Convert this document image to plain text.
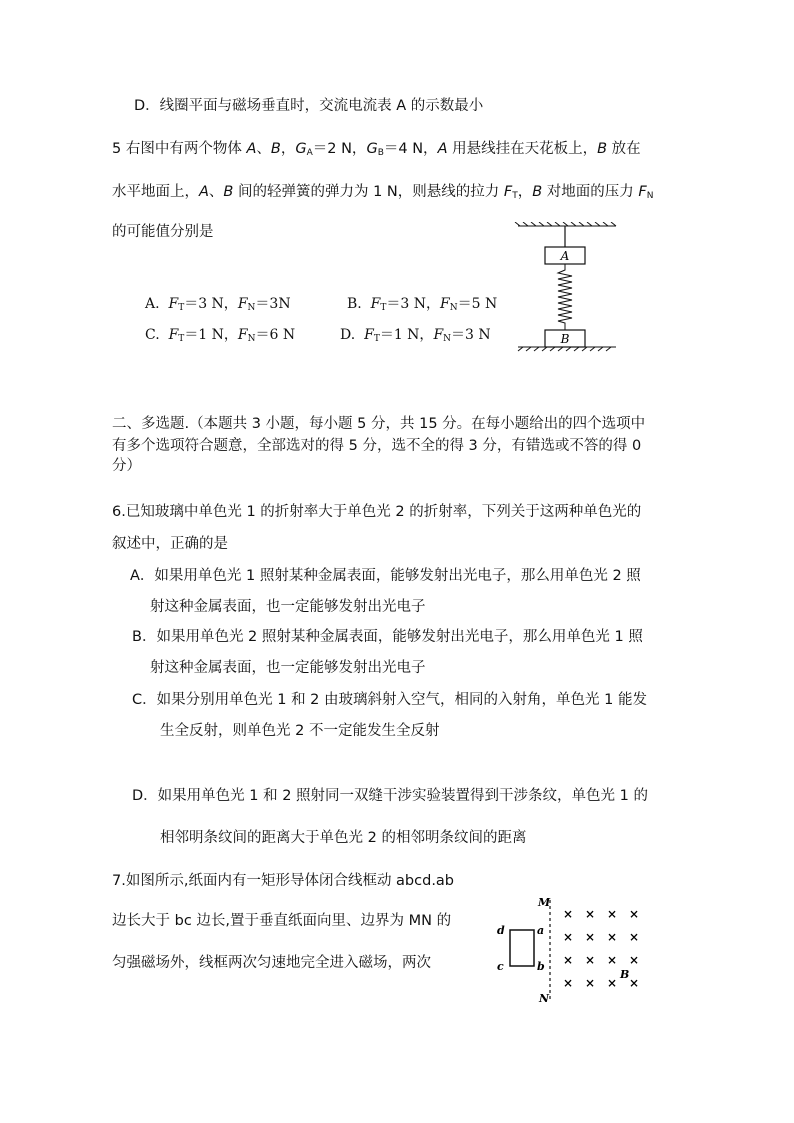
D．线圈平面与磁场垂直时，交流电流表 A 的示数最小
5 右图中有两个物体 A、B，$G_A=2$ N，$G_B=4$ N，A 用悬线挂在天花板上，B 放在
水平地面上，A、B 间的轻弹簧的弹力为 1 N，则悬线的拉力 $F_T$，B 对地面的压力 $F_N$
的可能值分别是
A. $F_T=3$ N，$F_N=3N$	B. $F_T=3$ N，$F_N=5$ N
C. $F_T=1$ N，$F_N=6$ N	D. $F_T=1$ N，$F_N=3$ N
A
B
二、多选题.（本题共 3 小题，每小题 5 分，共 15 分。在每小题给出的四个选项中
有多个选项符合题意，全部选对的得 5 分，选不全的得 3 分，有错选或不答的得 0
分）
6.已知玻璃中单色光 1 的折射率大于单色光 2 的折射率，下列关于这两种单色光的
叙述中，正确的是
A．如果用单色光 1 照射某种金属表面，能够发射出光电子，那么用单色光 2 照
射这种金属表面，也一定能够发射出光电子
B．如果用单色光 2 照射某种金属表面，能够发射出光电子，那么用单色光 1 照
射这种金属表面，也一定能够发射出光电子
C．如果分别用单色光 1 和 2 由玻璃斜射入空气，相同的入射角，单色光 1 能发
生全反射，则单色光 2 不一定能发生全反射
D．如果用单色光 1 和 2 照射同一双缝干涉实验装置得到干涉条纹，单色光 1 的
相邻明条纹间的距离大于单色光 2 的相邻明条纹间的距离
7.如图所示,纸面内有一矩形导体闭合线框动 abcd.ab
边长大于 bc 边长,置于垂直纸面向里、边界为 MN 的
匀强磁场外，线框两次匀速地完全进入磁场，两次
M
N
d	a
c	b
× × × ×
× × × ×
× × × ×
× × × ×
B
